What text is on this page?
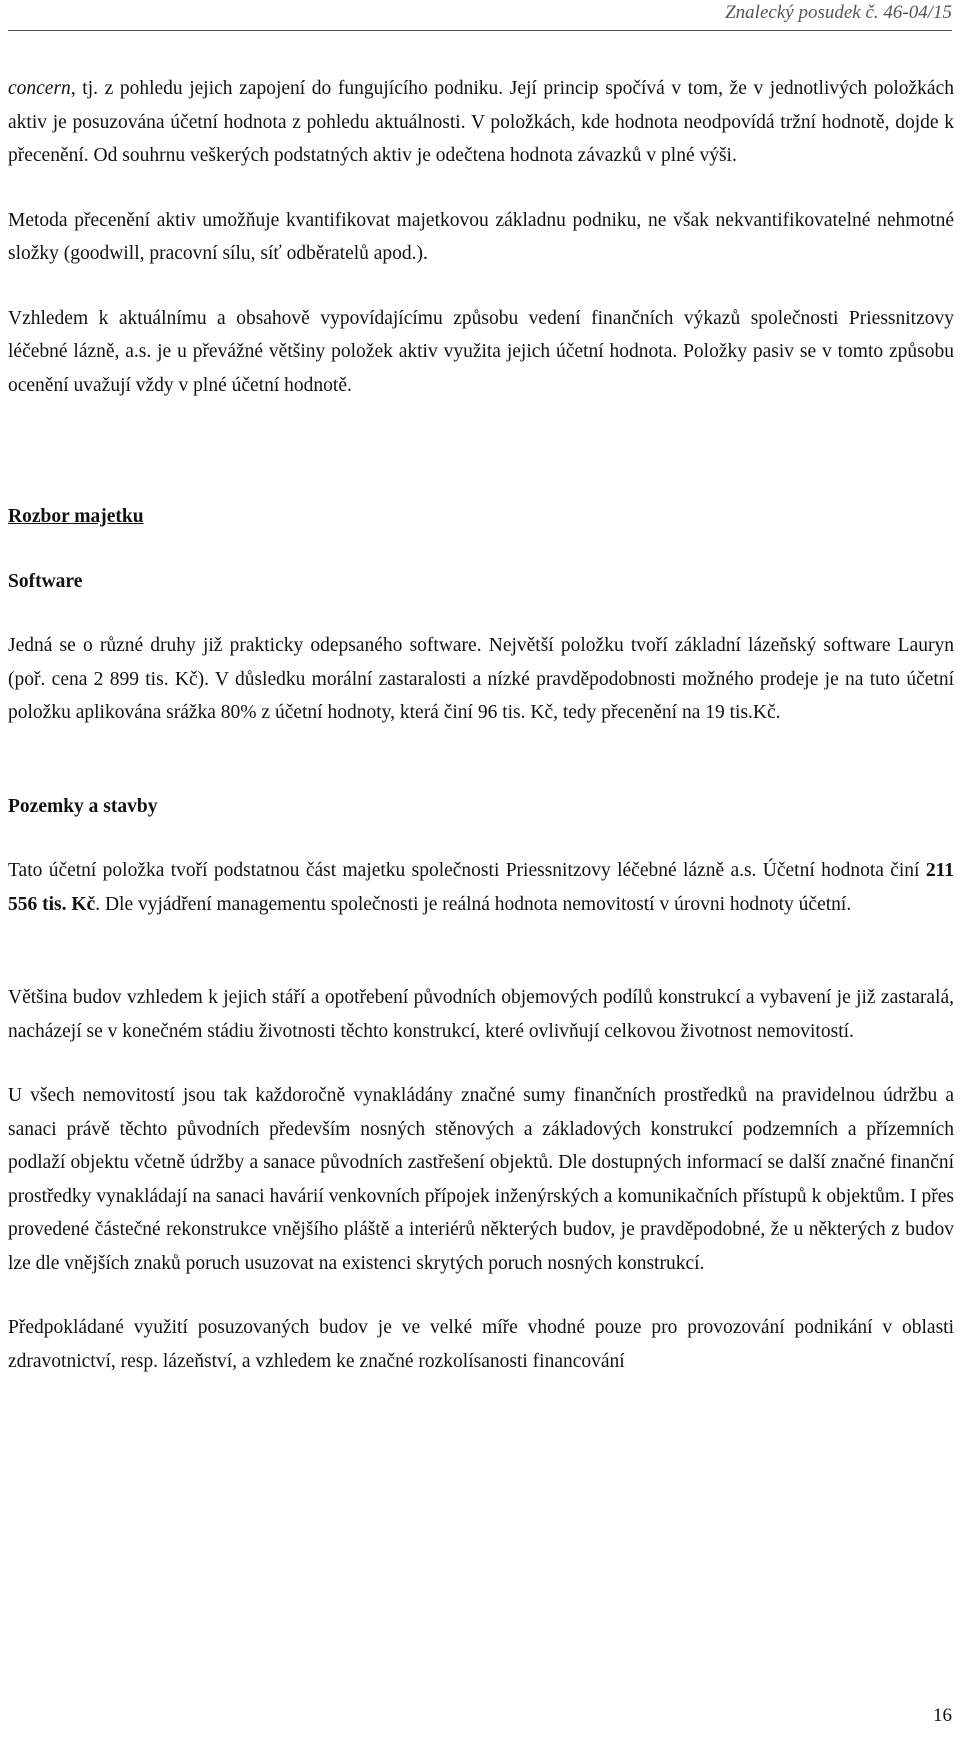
Znalecký posudek č. 46-04/15

concern, tj. z pohledu jejich zapojení do fungujícího podniku. Její princip spočívá v tom, že v jednotlivých položkách aktiv je posuzována účetní hodnota z pohledu aktuálnosti. V položkách, kde hodnota neodpovídá tržní hodnotě, dojde k přecenění. Od souhrnu veškerých podstatných aktiv je odečtena hodnota závazků v plné výši.

Metoda přecenění aktiv umožňuje kvantifikovat majetkovou základnu podniku, ne však nekvantifikovatelné nehmotné složky (goodwill, pracovní sílu, síť odběratelů apod.).

Vzhledem k aktuálnímu a obsahově vypovídajícímu způsobu vedení finančních výkazů společnosti Priessnitzovy léčebné lázně, a.s. je u převážné většiny položek aktiv využita jejich účetní hodnota. Položky pasiv se v tomto způsobu ocenění uvažují vždy v plné účetní hodnotě.

Rozbor majetku
Software

Jedná se o různé druhy již prakticky odepsaného software. Největší položku tvoří základní lázeňský software Lauryn (poř. cena 2 899 tis. Kč). V důsledku morální zastaralosti a nízké pravděpodobnosti možného prodeje je na tuto účetní položku aplikována srážka 80% z účetní hodnoty, která činí 96 tis. Kč, tedy přecenění na 19 tis.Kč.

Pozemky a stavby

Tato účetní položka tvoří podstatnou část majetku společnosti Priessnitzovy léčebné lázně a.s. Účetní hodnota činí 211 556 tis. Kč. Dle vyjádření managementu společnosti je reálná hodnota nemovitostí v úrovni hodnoty účetní.

Většina budov vzhledem k jejich stáří a opotřebení původních objemových podílů konstrukcí a vybavení je již zastaralá, nacházejí se v konečném stádiu životnosti těchto konstrukcí, které ovlivňují celkovou životnost nemovitostí.

U všech nemovitostí jsou tak každoročně vynakládány značné sumy finančních prostředků na pravidelnou údržbu a sanaci právě těchto původních především nosných stěnových a základových konstrukcí podzemních a přízemních podlaží objektu včetně údržby a sanace původních zastřešení objektů. Dle dostupných informací se další značné finanční prostředky vynakládají na sanaci havárií venkovních přípojek inženýrských a komunikačních přístupů k objektům. I přes provedené částečné rekonstrukce vnějšího pláště a interiérů některých budov, je pravděpodobné, že u některých z budov lze dle vnějších znaků poruch usuzovat na existenci skrytých poruch nosných konstrukcí.

Předpokládané využití posuzovaných budov je ve velké míře vhodné pouze pro provozování podnikání v oblasti zdravotnictví, resp. lázeňství, a vzhledem ke značné rozkolísanosti financování

16
